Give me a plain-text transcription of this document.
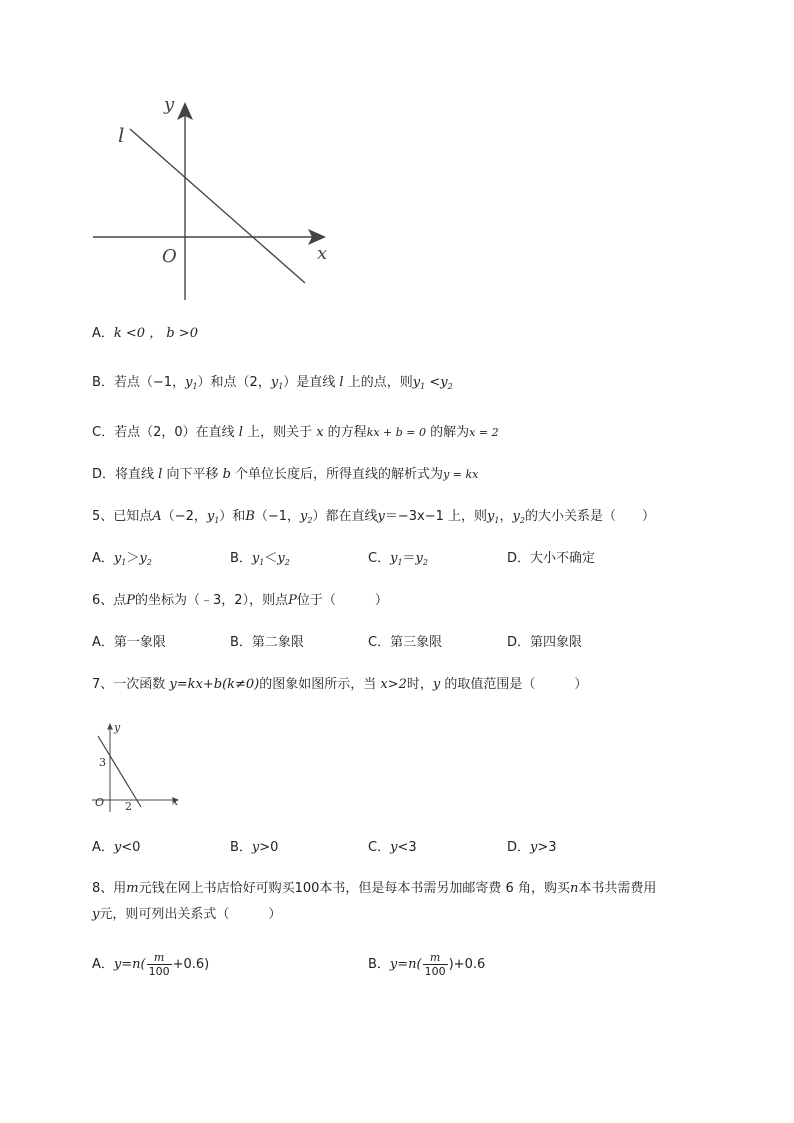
l
y
x
O
A．k <0 ， b >0
B．若点（−1，$y_1$）和点（2，$y_1$）是直线 l 上的点，则$y_1 <y_2$
C．若点（2，0）在直线 l 上，则关于 x 的方程kx + b = 0 的解为x = 2
D．将直线 l 向下平移 b 个单位长度后，所得直线的解析式为y = kx
5、已知点A（−2，$y_1$）和B（−1，$y_2$）都在直线y＝−3x−1 上，则$y_1$，$y_2$的大小关系是（　　）
A．$y_1>y_2$	B．$y_1<y_2$	C．$y_1=y_2$	D．大小不确定
6、点P的坐标为（﹣3，2），则点P位于（　　　）
A．第一象限	B．第二象限	C．第三象限	D．第四象限
7、一次函数 y=kx+b(k≠0)的图象如图所示，当 x>2时，y 的取值范围是（　　　）
y
x
O
3
2
A．y<0	B．y>0	C．y<3	D．y>3
8、用m元钱在网上书店恰好可购买100本书，但是每本书需另加邮寄费 6 角，购买n本书共需费用
y元，则可列出关系式（　　　）
A．$y=n( \frac{m}{100} +0.6)$	B．$y=n( \frac{m}{100} )+0.6$
